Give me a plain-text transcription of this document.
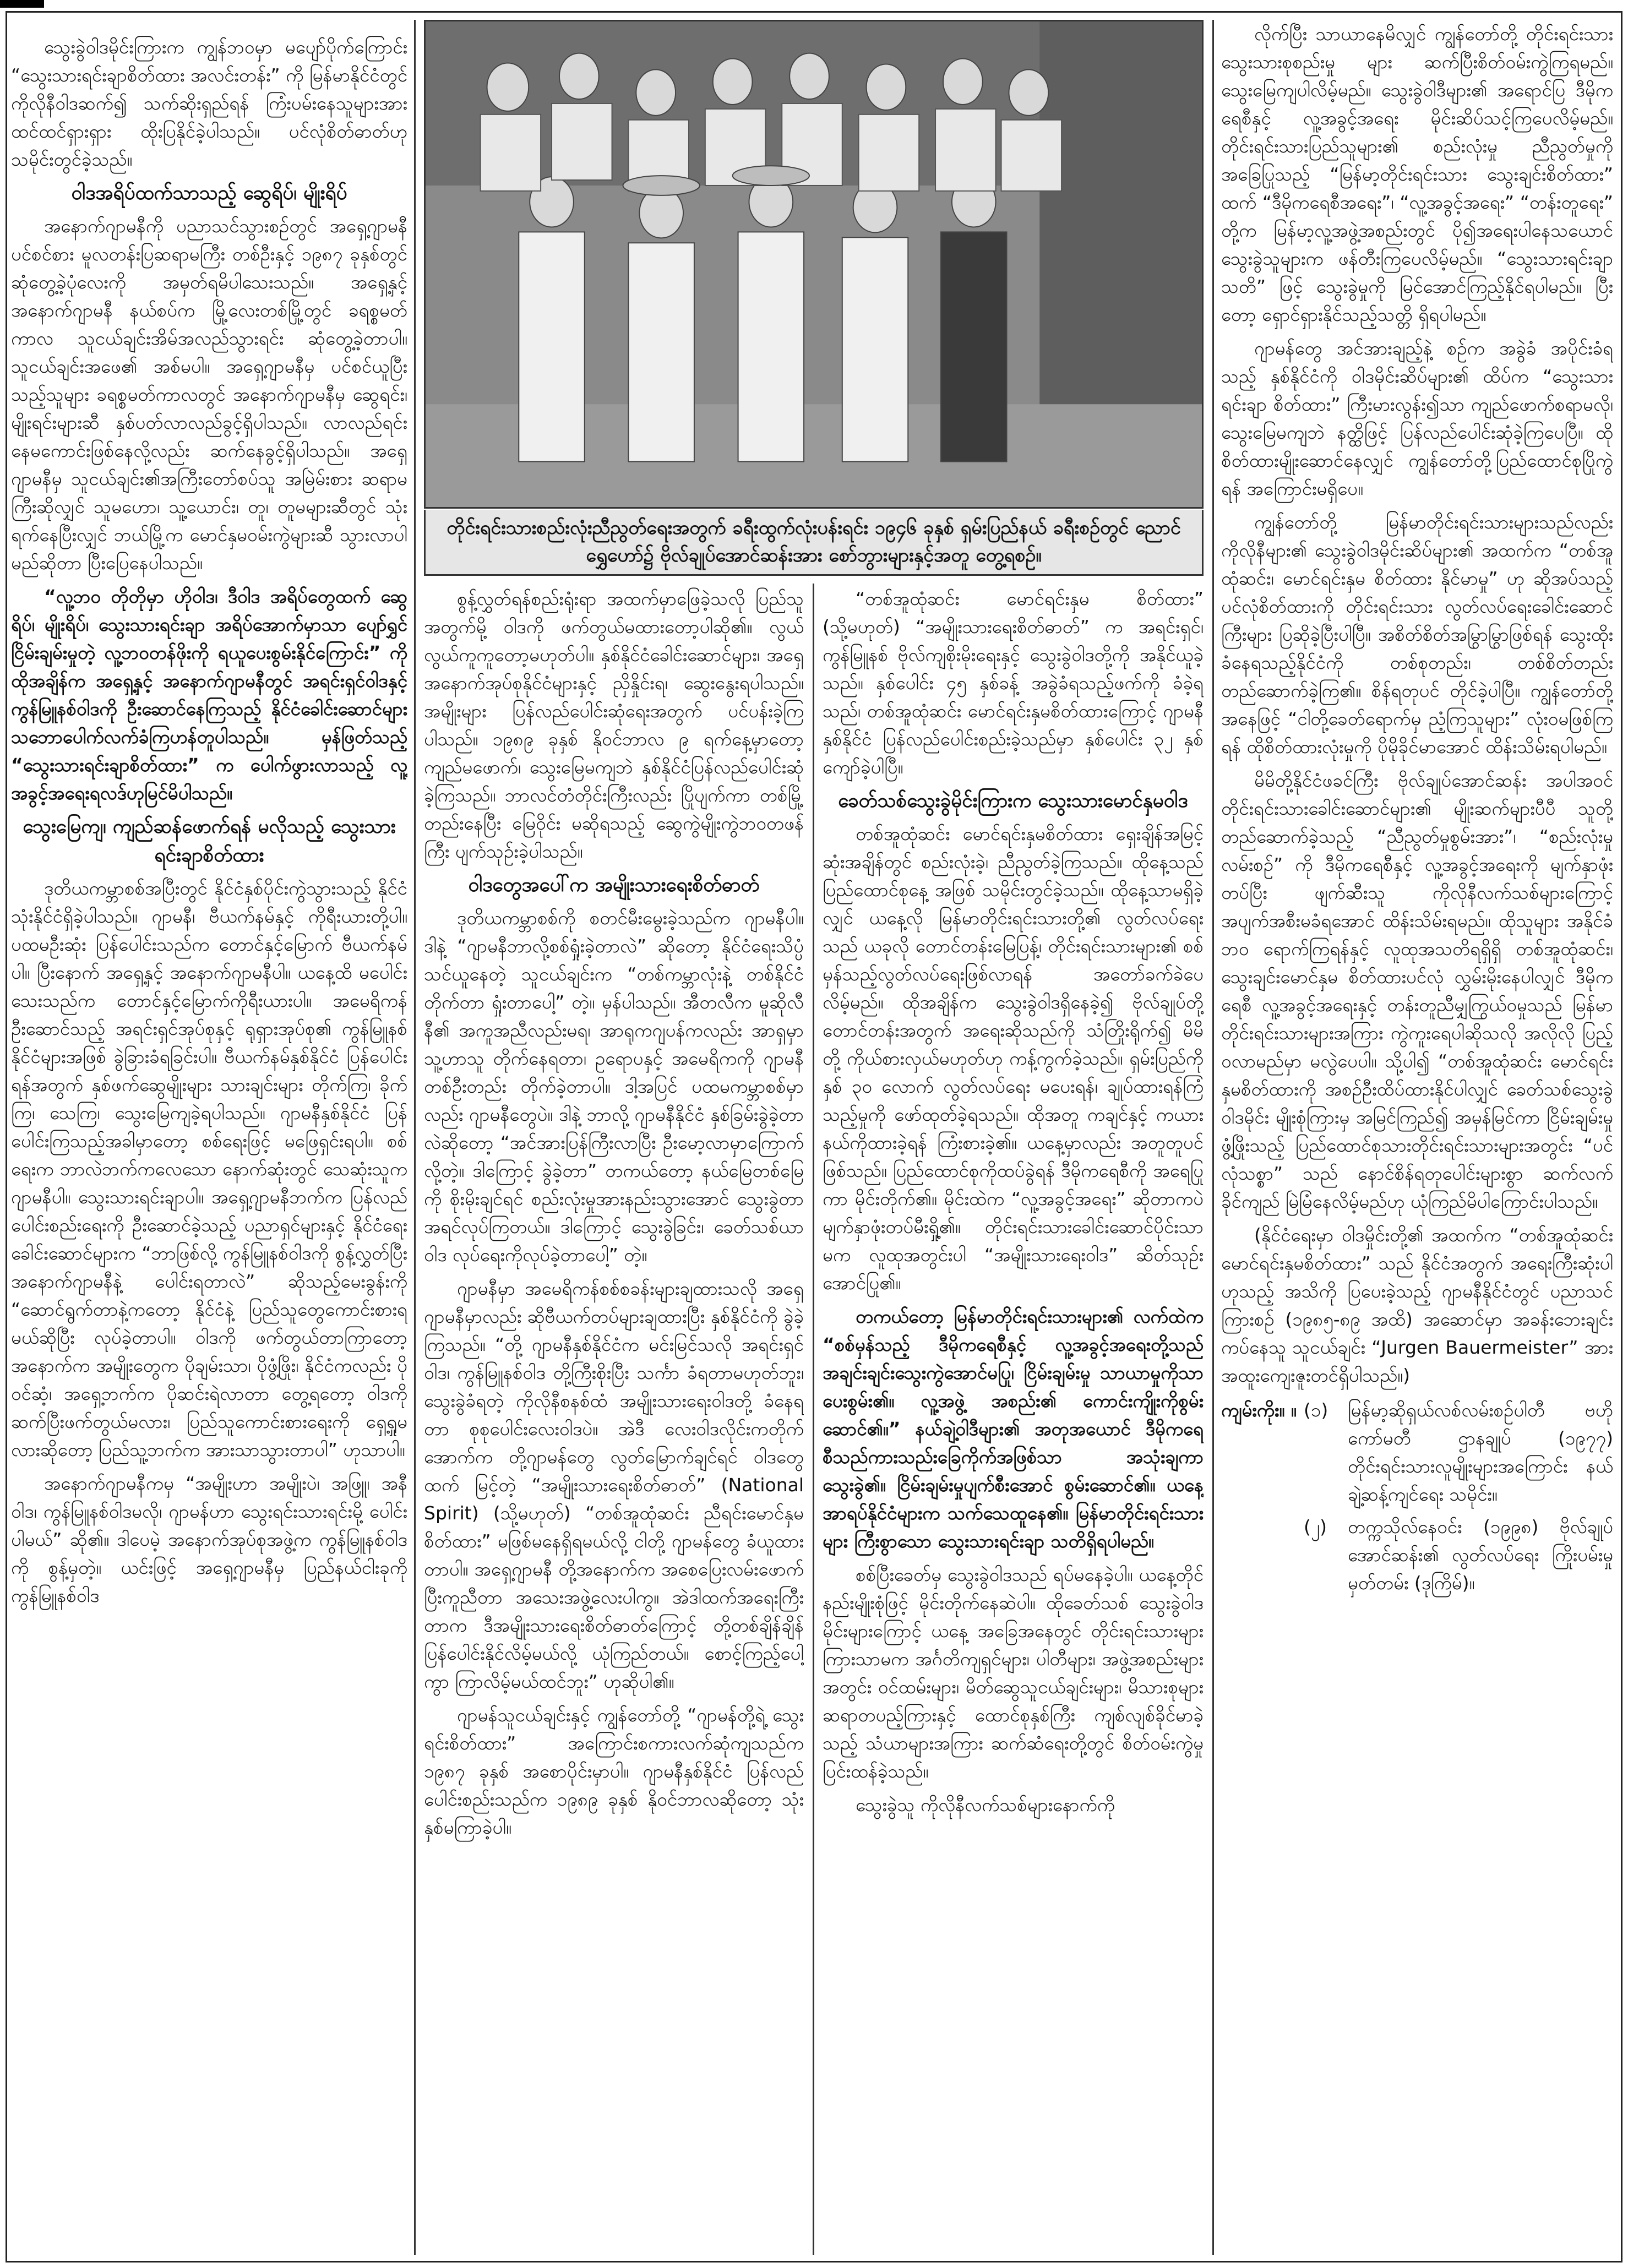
သွေးခွဲဝါဒမိုင်းကြားက ကျွန်ဘဝမှာ မပျော်ပိုက်ကြောင်း “သွေးသားရင်းချာစိတ်ထား အလင်းတန်း” ကို မြန်မာနိုင်ငံတွင် ကိုလိုနီဝါဒဆက်၍ သက်ဆိုးရှည်ရန် ကြံးပမ်းနေသူများအား ထင်ထင်ရှားရှား ထိုးပြနိုင်ခဲ့ပါသည်။ ပင်လုံစိတ်ဓာတ်ဟု သမိုင်းတွင်ခဲ့သည်။

ဝါဒအရိပ်ထက်သာသည့် ဆွေရိပ်၊ မျိုးရိပ်

အနောက်ဂျာမနီကို ပညာသင်သွားစဉ်တွင် အရှေ့ဂျာမနီ ပင်စင်စား မူလတန်းပြဆရာမကြီး တစ်ဦးနှင့် ၁၉၈၇ ခုနှစ်တွင် ဆုံတွေ့ခဲ့ပုံလေးကို အမှတ်ရမိပါသေးသည်။ အရှေ့နှင့် အနောက်ဂျာမနီ နယ်စပ်က မြို့လေးတစ်မြို့တွင် ခရစ္စမတ်ကာလ သူငယ်ချင်းအိမ်အလည်သွားရင်း ဆုံတွေ့ခဲ့တာပါ။ သူငယ်ချင်းအဖေ၏ အစ်မပါ။ အရှေ့ဂျာမနီမှ ပင်စင်ယူပြီးသည့်သူများ ခရစ္စမတ်ကာလတွင် အနောက်ဂျာမနီမှ ဆွေရင်း၊ မျိုးရင်းများဆီ နှစ်ပတ်လာလည်ခွင့်ရှိပါသည်။ လာလည်ရင်း နေမကောင်းဖြစ်နေလို့လည်း ဆက်နေခွင့်ရှိပါသည်။ အရှေ့ဂျာမနီမှ သူငယ်ချင်း၏အကြီးတော်စပ်သူ အမြဲမ်းစား ဆရာမကြီးဆိုလျှင် သူမဟော၊ သူ့ယောင်း၊ တူ၊ တူမများဆီတွင် သုံးရက်နေပြီးလျှင် ဘယ်မြို့က မောင်နှမဝမ်းကွဲများဆီ သွားလာပါမည်ဆိုတာ ပြီးပြေနေပါသည်။

“လူ့ဘ၀ တိုတိုမှာ ဟိုဝါဒ၊ ဒီဝါဒ အရိပ်တွေထက် ဆွေရိပ်၊ မျိုးရိပ်၊ သွေးသားရင်းချာ အရိပ်အောက်မှာသာ ပျော်ရွှင်ငြိမ်းချမ်းမှုတဲ့ လူ့ဘဝတန်ဖိုးကို ရယူပေးစွမ်းနိုင်ကြောင်း” ကို ထိုအချိန်က အရှေ့နှင့် အနောက်ဂျာမနီတွင် အရင်းရှင်ဝါဒနှင့် ကွန်မြူနစ်ဝါဒကို ဦးဆောင်နေကြသည့် နိုင်ငံခေါင်းဆောင်များ သဘောပေါက်လက်ခံကြဟန်တူပါသည်။ မှန်ဖြတ်သည့် “သွေးသားရင်းချာစိတ်ထား” က ပေါက်ဖွားလာသည့် လူ့အခွင့်အရေးရလဒ်ဟုမြင်မိပါသည်။

သွေးမြေကျ၊ ကျည်ဆန်ဖောက်ရန် မလိုသည့် သွေးသားရင်းချာစိတ်ထား

ဒုတိယကမ္ဘာစစ်အပြီးတွင် နိုင်ငံနှစ်ပိုင်းကွဲသွားသည့် နိုင်ငံသုံးနိုင်ငံရှိခဲ့ပါသည်။ ဂျာမနီ၊ ဗီယက်နမ်နှင့် ကိုရီးယားတို့ပါ။ ပထမဦးဆုံး ပြန်ပေါင်းသည်က တောင်နှင့်မြောက် ဗီယက်နမ်ပါ။ ပြီးနောက် အရှေ့နှင့် အနောက်ဂျာမနီပါ။ ယနေ့ထိ မပေါင်းသေးသည်က တောင်နှင့်မြောက်ကိုရီးယားပါ။ အမေရိကန်ဦးဆောင်သည့် အရင်းရှင်အုပ်စုနှင့် ရုရှားအုပ်စု၏ ကွန်မြူနစ်နိုင်ငံများအဖြစ် ခွဲခြားခံရခြင်းပါ။ ဗီယက်နမ်နှစ်နိုင်ငံ ပြန်ပေါင်းရန်အတွက် နှစ်ဖက်ဆွေမျိုးများ သားချင်းများ တိုက်ကြ၊ ခိုက်ကြ၊ သေကြ၊ သွေးမြေကျခဲ့ရပါသည်။ ဂျာမနီနှစ်နိုင်ငံ ပြန်ပေါင်းကြသည့်အခါမှာတော့ စစ်ရေးဖြင့် မဖြေရှင်းရပါ။ စစ်ရေးက ဘာလဲဘက်ကလေသော နောက်ဆုံးတွင် သေဆုံးသူက ဂျာမနီပါ။ သွေးသားရင်းချာပါ။ အရှေ့ဂျာမနီဘက်က ပြန်လည်ပေါင်းစည်းရေးကို ဦးဆောင်ခဲ့သည့် ပညာရှင်များနှင့် နိုင်ငံရေးခေါင်းဆောင်များက “ဘာဖြစ်လို့ ကွန်မြူနစ်ဝါဒကို စွန့်လွှတ်ပြီး အနောက်ဂျာမနီနဲ့ ပေါင်းရတာလဲ” ဆိုသည့်မေးခွန်းကို “ဆောင်ရွက်တာနဲ့ကတော့ နိုင်ငံနဲ့ ပြည်သူတွေကောင်းစားရမယ်ဆိုပြီး လုပ်ခဲ့တာပါ။ ဝါဒကို ဖက်တွယ်တာကြာတော့ အနောက်က အမျိုးတွေက ပိုချမ်းသာ၊ ပိုဖွံ့ဖြိုး၊ နိုင်ငံကလည်း ပိုဝင်ဆံ့၊ အရှေ့ဘက်က ပိုဆင်းရဲလာတာ တွေ့ရတော့ ဝါဒကိုဆက်ပြီးဖက်တွယ်မလား၊ ပြည်သူကောင်းစားရေးကို ရှေ့ရှုမလားဆိုတော့ ပြည်သူ့ဘက်က အားသာသွားတာပါ” ဟုသာပါ။

အနောက်ဂျာမနီကမှ “အမျိုးဟာ အမျိုးပဲ၊ အဖြူ၊ အနီဝါဒ၊ ကွန်မြူနစ်ဝါဒမလို၊ ဂျာမန်ဟာ သွေးရင်းသားရင်းမို့ ပေါင်းပါမယ်” ဆို၏။ ဒါပေမဲ့ အနောက်အုပ်စုအဖွဲ့က ကွန်မြူနစ်ဝါဒကို စွန့်မှတဲ့။ ယင်းဖြင့် အရှေ့ဂျာမနီမှ ပြည်နယ်ငါးခုကို ကွန်မြူနစ်ဝါဒ

တိုင်းရင်းသားစည်းလုံးညီညွတ်ရေးအတွက် ခရီးထွက်လုံးပန်းရင်း ၁၉၄၆ ခုနှစ် ရှမ်းပြည်နယ် ခရီးစဉ်တွင် ညောင်ရွှေဟော်၌ ဗိုလ်ချုပ်အောင်ဆန်းအား စော်ဘွားများနှင့်အတူ တွေ့ရစဉ်။

စွန့်လွှတ်ရန်စည်းရုံးရာ အထက်မှာဖြေခဲ့သလို ပြည်သူအတွက်မို့ ဝါဒကို ဖက်တွယ်မထားတော့ပါဆို၏။ လွယ်လွယ်ကူကူတော့မဟုတ်ပါ။ နှစ်နိုင်ငံခေါင်းဆောင်များ၊ အရှေ့ အနောက်အုပ်စုနိုင်ငံများနှင့် ညှိနှိုင်းရ၊ ဆွေးနွေးရပါသည်။ အမျိုးများ ပြန်လည်ပေါင်းဆုံရေးအတွက် ပင်ပန်းခဲ့ကြပါသည်။ ၁၉၈၉ ခုနှစ် နိုဝင်ဘာလ ၉ ရက်နေ့မှာတော့ ကျည်မဖောက်၊ သွေးမြေမကျဘဲ နှစ်နိုင်ငံပြန်လည်ပေါင်းဆုံခဲ့ကြသည်။ ဘာလင်တံတိုင်းကြီးလည်း ပြိုပျက်ကာ တစ်မြို့တည်းနေပြီး မြေဝိုင်း မဆိုရသည့် ဆွေကွဲမျိုးကွဲဘဝတဖန်ကြီး ပျက်သုဉ်းခဲ့ပါသည်။

ဝါဒတွေအပေါ်က အမျိုးသားရေးစိတ်ဓာတ်

ဒုတိယကမ္ဘာစစ်ကို စတင်မီးမွေးခဲ့သည်က ဂျာမနီပါ။ ဒါနဲ့ “ဂျာမနီဘာလို့စစ်ရှုံးခဲ့တာလဲ” ဆိုတော့ နိုင်ငံရေးသိပ္ပံသင်ယူနေတဲ့ သူငယ်ချင်းက “တစ်ကမ္ဘာလုံးနဲ့ တစ်နိုင်ငံတိုက်တာ ရှုံးတာပေါ့” တဲ့။ မှန်ပါသည်။ အီတလီက မူဆိုလီနီ၏ အကူအညီလည်းမရ၊ အာရုကဂျပန်ကလည်း အာရှမှာ သူ့ဟာသူ တိုက်နေရတာ၊ ဥရောပနှင့် အမေရိကကို ဂျာမနီ တစ်ဦးတည်း တိုက်ခဲ့တာပါ။ ဒါ့အပြင် ပထမကမ္ဘာစစ်မှာလည်း ဂျာမနီတွေပဲ။ ဒါနဲ့ ဘာလို့ ဂျာမနီနိုင်ငံ နှစ်ခြမ်းခွဲခဲ့တာလဲဆိုတော့ “အင်အားပြန်ကြီးလာပြီး ဦးမော့လာမှာကြောက်လို့တဲ့။ ဒါကြောင့် ခွဲခဲ့တာ” တကယ်တော့ နယ်မြေတစ်မြေကို စိုးမိုးချင်ရင် စည်းလုံးမှုအားနည်းသွားအောင် သွေးခွဲတာအရင်လုပ်ကြတယ်။ ဒါကြောင့် သွေးခွဲခြင်း၊ ခေတ်သစ်ယာဝါဒ လုပ်ရေးကိုလုပ်ခဲ့တာပေါ့” တဲ့။

ဂျာမနီမှာ အမေရိကန်စစ်စခန်းများချထားသလို အရှေ့ဂျာမနီမှာလည်း ဆိုဗီယက်တပ်များချထားပြီး နှစ်နိုင်ငံကို ခွဲခဲ့ကြသည်။ “တို့ ဂျာမနီနှစ်နိုင်ငံက မင်းမြင်သလို အရင်းရှင်ဝါဒ၊ ကွန်မြူနစ်ဝါဒ တို့ကြီးစိုးပြီး သင်္ကာ ခံရတာမဟုတ်ဘူး၊ သွေးခွဲခံရတဲ့ ကိုလိုနီစနစ်ထံ အမျိုးသားရေးဝါဒတို့ ခံနေရတာ စုစုပေါင်းလေးဝါဒပဲ။ အဲဒီ လေးဝါဒလိုင်းကတိုက်အောက်က တို့ဂျာမန်တွေ လွတ်မြောက်ချင်ရင် ဝါဒတွေထက် မြင့်တဲ့ “အမျိုးသားရေးစိတ်ဓာတ်” (National Spirit) (သို့မဟုတ်) “တစ်အူထုံဆင်း ညီရင်းမောင်နှမ စိတ်ထား” မဖြစ်မနေရှိရမယ်လို့ ငါတို့ ဂျာမန်တွေ ခံယူထားတာပါ။ အရှေ့ဂျာမနီ တို့အနောက်က အစေပြေးလမ်းဖောက်ပြီးကူညီတာ အသေးအဖွဲ့လေးပါကွ။ အဲဒါထက်အရေးကြီးတာက ဒီအမျိုးသားရေးစိတ်ဓာတ်ကြောင့် တို့တစ်ချိန်ချိန် ပြန်ပေါင်းနိုင်လိမ့်မယ်လို့ ယုံကြည်တယ်။ စောင့်ကြည့်ပေါ့ကွာ ကြာလိမ့်မယ်ထင်ဘူး” ဟုဆိုပါ၏။

ဂျာမန်သူငယ်ချင်းနှင့် ကျွန်တော်တို့ “ဂျာမန်တို့ရဲ့ သွေးရင်းစိတ်ထား” အကြောင်းစကားလက်ဆုံကျသည်က ၁၉၈၇ ခုနှစ် အစောပိုင်းမှာပါ။ ဂျာမနီနှစ်နိုင်ငံ ပြန်လည်ပေါင်းစည်းသည်က ၁၉၈၉ ခုနှစ် နိုဝင်ဘာလဆိုတော့ သုံးနှစ်မကြာခဲ့ပါ။

“တစ်အူထုံဆင်း မောင်ရင်းနှမ စိတ်ထား” (သို့မဟုတ်) “အမျိုးသားရေးစိတ်ဓာတ်” က အရင်းရှင်၊ ကွန်မြူနစ် ဗိုလ်ကျစိုးမိုးရေးနှင့် သွေးခွဲဝါဒတို့ကို အနိုင်ယူခဲ့သည်။ နှစ်ပေါင်း ၄၅ နှစ်ခန့် အခွဲခံရသည့်ဖက်ကို ခံခဲ့ရသည်၊ တစ်အူထုံဆင်း မောင်ရင်းနှမစိတ်ထားကြောင့် ဂျာမနီနှစ်နိုင်ငံ ပြန်လည်ပေါင်းစည်းခဲ့သည်မှာ နှစ်ပေါင်း ၃၂ နှစ် ကျော်ခဲ့ပါပြီ။

ခေတ်သစ်သွေးခွဲမိုင်းကြားက သွေးသားမောင်နှမဝါဒ

တစ်အူထုံဆင်း မောင်ရင်းနှမစိတ်ထား ရှေးချိန်အမြင့်ဆုံးအချိန်တွင် စည်းလုံးခဲ့၊ ညီညွတ်ခဲ့ကြသည်။ ထိုနေ့သည် ပြည်ထောင်စုနေ့ အဖြစ် သမိုင်းတွင်ခဲ့သည်။ ထိုနေ့သာမရှိခဲ့လျှင် ယနေ့လို မြန်မာတိုင်းရင်းသားတို့၏ လွတ်လပ်ရေးသည် ယခုလို တောင်တန်းမြေပြန့်၊ တိုင်းရင်းသားများ၏ စစ်မှန်သည့်လွတ်လပ်ရေးဖြစ်လာရန် အတော်ခက်ခဲပေလိမ့်မည်။ ထိုအချိန်က သွေးခွဲဝါဒရှိနေခဲ့၍ ဗိုလ်ချုပ်တို့ တောင်တန်းအတွက် အရေးဆိုသည်ကို သံတြိုးရိုက်၍ မိမိတို့ ကိုယ်စားလှယ်မဟုတ်ဟု ကန့်ကွက်ခဲ့သည်။ ရှမ်းပြည်ကို နှစ် ၃၀ လောက် လွတ်လပ်ရေး မပေးရန်၊ ချုပ်ထားရန်ကြံသည့်မှုကို ဖော်ထုတ်ခဲ့ရသည်။ ထိုအတူ ကချင်နှင့် ကယားနယ်ကိုထားခဲ့ရန် ကြံးစားခဲ့၏။ ယနေ့မှာလည်း အတူတူပင်ဖြစ်သည်။ ပြည်ထောင်စုကိုထပ်ခွဲရန် ဒီမိုကရေစီကို အရေပြုကာ မိုင်းတိုက်၏။ မိုင်းထဲက “လူ့အခွင့်အရေး” ဆိုတာကပဲ မျက်နှာဖုံးတပ်မီးရှို့၏။ တိုင်းရင်းသားခေါင်းဆောင်ပိုင်းသာမက လူထုအတွင်းပါ “အမျိုးသားရေးဝါဒ” ဆိတ်သုဉ်းအောင်ပြု၏။

တကယ်တော့ မြန်မာတိုင်းရင်းသားများ၏ လက်ထဲက “စစ်မှန်သည့် ဒီမိုကရေစီနှင့် လူ့အခွင့်အရေးတို့သည် အချင်းချင်းသွေးကွဲအောင်မပြု၊ ငြိမ်းချမ်းမှု သာယာမှုကိုသာပေးစွမ်း၏။ လူ့အဖွဲ့ အစည်း၏ ကောင်းကျိုးကိုစွမ်းဆောင်၏။” နယ်ချဲ့ဝါဒီများ၏ အတုအယောင် ဒီမိုကရေစီသည်ကားသည်းခြေကိုက်အဖြစ်သာ အသုံးချကာ သွေးခွဲ၏။ ငြိမ်းချမ်းမှုပျက်စီးအောင် စွမ်းဆောင်၏။ ယနေ့ အာရပ်နိုင်ငံများက သက်သေထူနေ၏။ မြန်မာတိုင်းရင်းသားများ ကြီးစွာသော သွေးသားရင်းချာ သတိရှိရပါမည်။

စစ်ပြီးခေတ်မှ သွေးခွဲဝါဒသည် ရပ်မနေခဲ့ပါ။ ယနေ့တိုင်နည်းမျိုးစုံဖြင့် မိုင်းတိုက်နေဆဲပါ။ ထိုခေတ်သစ် သွေးခွဲဝါဒမိုင်းများကြောင့် ယနေ့ အခြေအနေတွင် တိုင်းရင်းသားများကြားသာမက အင်္ဂတိကျရှင်များ၊ ပါတီများ၊ အဖွဲ့အစည်းများအတွင်း ဝင်ထမ်းများ၊ မိတ်ဆွေသူငယ်ချင်းများ၊ မိသားစုများ ဆရာတပည့်ကြားနှင့် ထောင်စုနှစ်ကြီး ကျစ်လျစ်ခိုင်မာခဲ့သည့် သံယာများအကြား ဆက်ဆံရေးတို့တွင် စိတ်ဝမ်းကွဲမှု ပြင်းထန်ခဲ့သည်။

သွေးခွဲသူ ကိုလိုနီလက်သစ်များနောက်ကို

လိုက်ပြီး သာယာနေမိလျှင် ကျွန်တော်တို့ တိုင်းရင်းသားသွေးသားစုစည်းမှု များ ဆက်ပြီးစိတ်ဝမ်းကွဲကြရမည်။ သွေးမြေကျပါလိမ့်မည်။ သွေးခွဲဝါဒီများ၏ အရောင်ပြ ဒီမိုကရေစီနှင့် လူ့အခွင့်အရေး မိုင်းဆိပ်သင့်ကြပေလိမ့်မည်။ တိုင်းရင်းသားပြည်သူများ၏ စည်းလုံးမှု ညီညွတ်မှုကို အခြေပြုသည့် “မြန်မာ့တိုင်းရင်းသား သွေးချင်းစိတ်ထား” ထက် “ဒီမိုကရေစီအရေး”၊ “လူ့အခွင့်အရေး” “တန်းတူရေး” တို့က မြန်မာ့လူ့အဖွဲ့အစည်းတွင် ပို၍အရေးပါနေသယောင် သွေးခွဲသူများက ဖန်တီးကြပေလိမ့်မည်။ “သွေးသားရင်းချာသတိ” ဖြင့် သွေးခွဲမှုကို မြင်အောင်ကြည့်နိုင်ရပါမည်။ ပြီးတော့ ရှောင်ရှားနိုင်သည့်သတ္တိ ရှိရပါမည်။

ဂျာမန်တွေ အင်အားချည့်နဲ့ စဉ်က အခွဲခံ အပိုင်းခံရသည့် နှစ်နိုင်ငံကို ဝါဒမိုင်းဆိပ်များ၏ ထိပ်က “သွေးသားရင်းချာ စိတ်ထား” ကြီးမားလွန်း၍သာ ကျည်ဖောက်စရာမလို၊ သွေးမြေမကျဘဲ နတ္ထိဖြင့် ပြန်လည်ပေါင်းဆုံခဲ့ကြပေပြီ။ ထိုစိတ်ထားမျိုးဆောင်နေလျှင် ကျွန်တော်တို့ပြည်ထောင်စုပြိုကွဲရန် အကြောင်းမရှိပေ။

ကျွန်တော်တို့ မြန်မာတိုင်းရင်းသားများသည်လည်း ကိုလိုနီများ၏ သွေးခွဲဝါဒမိုင်းဆိပ်များ၏ အထက်က “တစ်အူထုံဆင်း၊ မောင်ရင်းနှမ စိတ်ထား နိုင်မာမှု” ဟု ဆိုအပ်သည့် ပင်လုံစိတ်ထားကို တိုင်းရင်းသား လွတ်လပ်ရေးခေါင်းဆောင်ကြီးများ ပြဆိုခဲ့ပြီးပါပြီ။ အစိတ်စိတ်အမြွာမြွာဖြစ်ရန် သွေးထိုးခံနေရသည့်နိုင်ငံကို တစ်စုတည်း၊ တစ်စိတ်တည်း တည်ဆောက်ခဲ့ကြ၏။ စိန်ရတုပင် တိုင်ခဲ့ပါပြီ။ ကျွန်တော်တို့အနေဖြင့် “ငါတို့ခေတ်ရောက်မှ ညံ့ကြသူများ” လုံးဝမဖြစ်ကြရန် ထိုစိတ်ထားလုံးမှုကို ပိုမိုခိုင်မာအောင် ထိန်းသိမ်းရပါမည်။

မိမိတို့နိုင်ငံဖခင်ကြီး ဗိုလ်ချုပ်အောင်ဆန်း အပါအဝင် တိုင်းရင်းသားခေါင်းဆောင်များ၏ မျိုးဆက်များပီပီ သူတို့တည်ဆောက်ခဲ့သည့် “ညီညွတ်မှုစွမ်းအား”၊ “စည်းလုံးမှုလမ်းစဉ်” ကို ဒီမိုကရေစီနှင့် လူ့အခွင့်အရေးကို မျက်နှာဖုံးတပ်ပြီး ဖျက်ဆီးသူ ကိုလိုနီလက်သစ်များကြောင့် အပျက်အစီးမခံရအောင် ထိန်းသိမ်းရမည်။ ထိုသူများ အနိုင်ခံဘဝ ရောက်ကြရန်နှင့် လူထုအသတိရရှိရှိ တစ်အူထုံဆင်း၊ သွေးချင်းမောင်နှမ စိတ်ထားပင်လုံ လွှမ်းမိုးနေပါလျှင် ဒီမိုကရေစီ လူ့အခွင့်အရေးနှင့် တန်းတူညီမျှကြွယ်ဝမှုသည် မြန်မာတိုင်းရင်းသားများအကြား ကွဲကူးရေပါဆိုသလို အလိုလို ပြည့်ဝလာမည်မှာ မလွဲပေပါ။ သို့ပါ၍ “တစ်အူထုံဆင်း မောင်ရင်းနှမစိတ်ထားကို အစဉ်ဦးထိပ်ထားနိုင်ပါလျှင် ခေတ်သစ်သွေးခွဲဝါဒမိုင်း မျိုးစုံကြားမှ အမြင်ကြည်၍ အမှန်မြင်ကာ ငြိမ်းချမ်းမှုဖွံ့ဖြိုးသည့် ပြည်ထောင်စုသားတိုင်းရင်းသားများအတွင်း “ပင်လုံသစ္စာ” သည် နောင်စိန်ရတုပေါင်းများစွာ ဆက်လက်ခိုင်ကျည် မြဲမြံနေလိမ့်မည်ဟု ယုံကြည်မိပါကြောင်းပါသည်။

(နိုင်ငံရေးမှာ ဝါဒမှိုင်းတို့၏ အထက်က “တစ်အူထုံဆင်း မောင်ရင်းနှမစိတ်ထား” သည် နိုင်ငံအတွက် အရေးကြီးဆုံးပါဟုသည့် အသိကို ပြပေးခဲ့သည့် ဂျာမနီနိုင်ငံတွင် ပညာသင်ကြားစဉ် (၁၉၈၅-၈၉ အထိ) အဆောင်မှာ အခန်းဘေးချင်းကပ်နေသူ သူငယ်ချင်း “Jurgen Bauermeister” အား အထူးကျေးဇူးတင်ရှိပါသည်။)

ကျမ်းကိုး။ ။ (၁)	မြန်မာ့ဆိုရှယ်လစ်လမ်းစဉ်ပါတီ ဗဟိုကော်မတီ ဌာနချုပ် (၁၉၇၇) တိုင်းရင်းသားလူမျိုးများအကြောင်း နယ်ချဲ့ဆန့်ကျင်ရေး သမိုင်း။
(၂)	တက္ကသိုလ်နေဝင်း (၁၉၉၈) ဗိုလ်ချုပ်အောင်ဆန်း၏ လွတ်လပ်ရေး ကြိုးပမ်းမှု မှတ်တမ်း (ဒုကြိမ်)။
